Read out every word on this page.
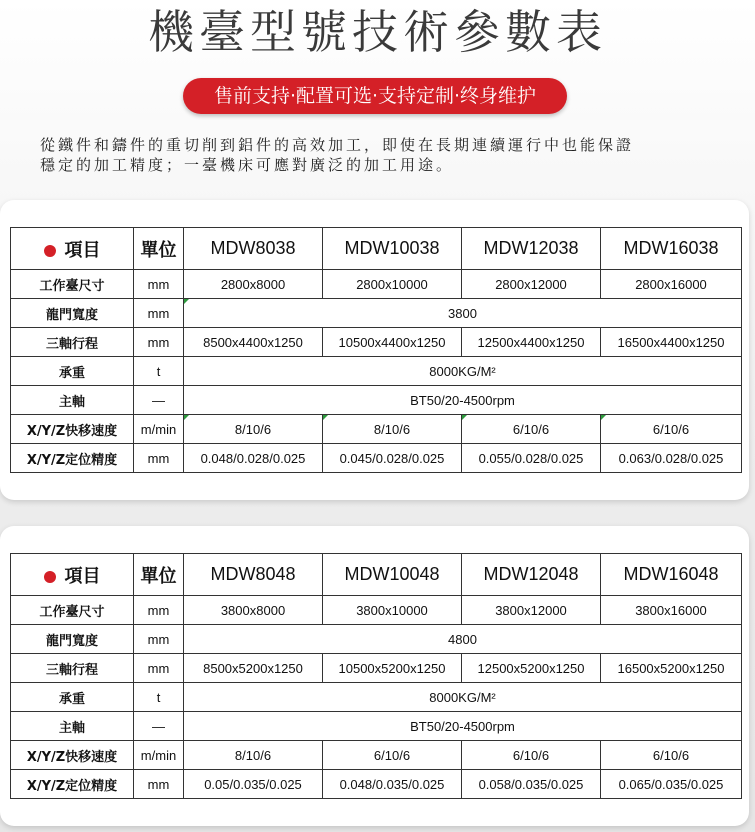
機臺型號技術參數表
售前支持·配置可选·支持定制·终身维护
從鐵件和鑄件的重切削到鋁件的高效加工，即使在長期連續運行中也能保證
穩定的加工精度；一臺機床可應對廣泛的加工用途。
項目	單位	MDW8038	MDW10038	MDW12038	MDW16038
工作臺尺寸	mm	2800x8000	2800x10000	2800x12000	2800x16000
龍門寬度	mm	3800			
三軸行程	mm	8500x4400x1250	10500x4400x1250	12500x4400x1250	16500x4400x1250
承重	t	8000KG/M²			
主軸	—	BT50/20-4500rpm			
X/Y/Z快移速度	m/min	8/10/6	8/10/6	6/10/6	6/10/6
X/Y/Z定位精度	mm	0.048/0.028/0.025	0.045/0.028/0.025	0.055/0.028/0.025	0.063/0.028/0.025
項目	單位	MDW8048	MDW10048	MDW12048	MDW16048
工作臺尺寸	mm	3800x8000	3800x10000	3800x12000	3800x16000
龍門寬度	mm	4800			
三軸行程	mm	8500x5200x1250	10500x5200x1250	12500x5200x1250	16500x5200x1250
承重	t	8000KG/M²			
主軸	—	BT50/20-4500rpm			
X/Y/Z快移速度	m/min	8/10/6	6/10/6	6/10/6	6/10/6
X/Y/Z定位精度	mm	0.05/0.035/0.025	0.048/0.035/0.025	0.058/0.035/0.025	0.065/0.035/0.025
